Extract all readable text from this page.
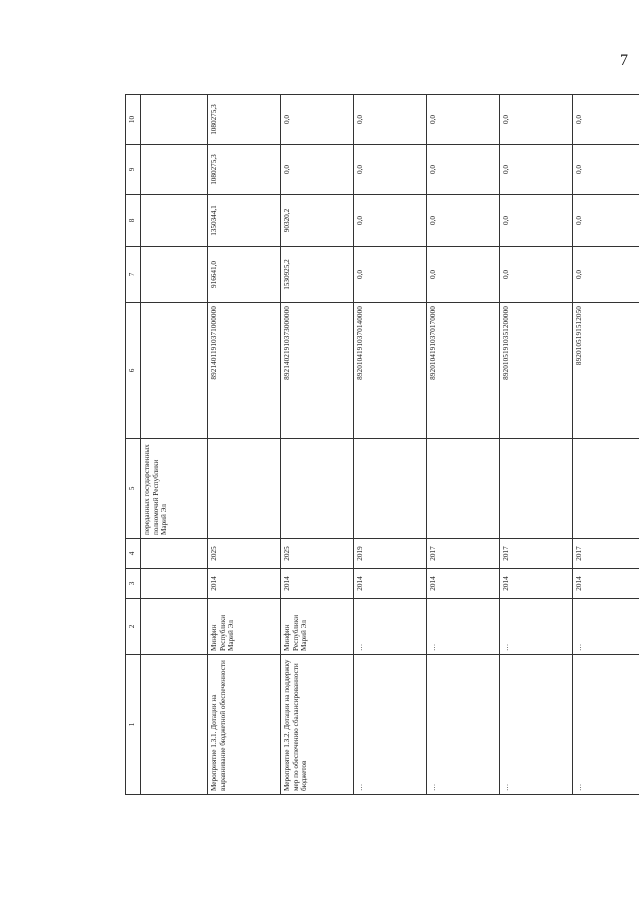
7
1	2	3	4	5	6	7	8	9	10
				переданных государственных полномочий Республики Марий Эл					
Мероприятие 1.3.1. Дотации на выравнивание бюджетной обеспеченности	Минфин Республики Марий Эл	2014	2025		89214011910371000000	916641,0	1350344,1	1080275,3	1080275,3
Мероприятие 1.3.2. Дотации на поддержку мер по обеспечению сбалансированности бюджетов	Минфин Республики Марий Эл	2014	2025		89214021910373000000	1530925,2	90320,2	0,0	0,0
…	…	2014	2019		89201041910370140000	0,0	0,0	0,0	0,0
…	…	2014	2017		89201041910370170000	0,0	0,0	0,0	0,0
…	…	2014	2017		89201051910351200000	0,0	0,0	0,0	0,0
…	…	2014	2017		8920105191512050	0,0	0,0	0,0	0,0
